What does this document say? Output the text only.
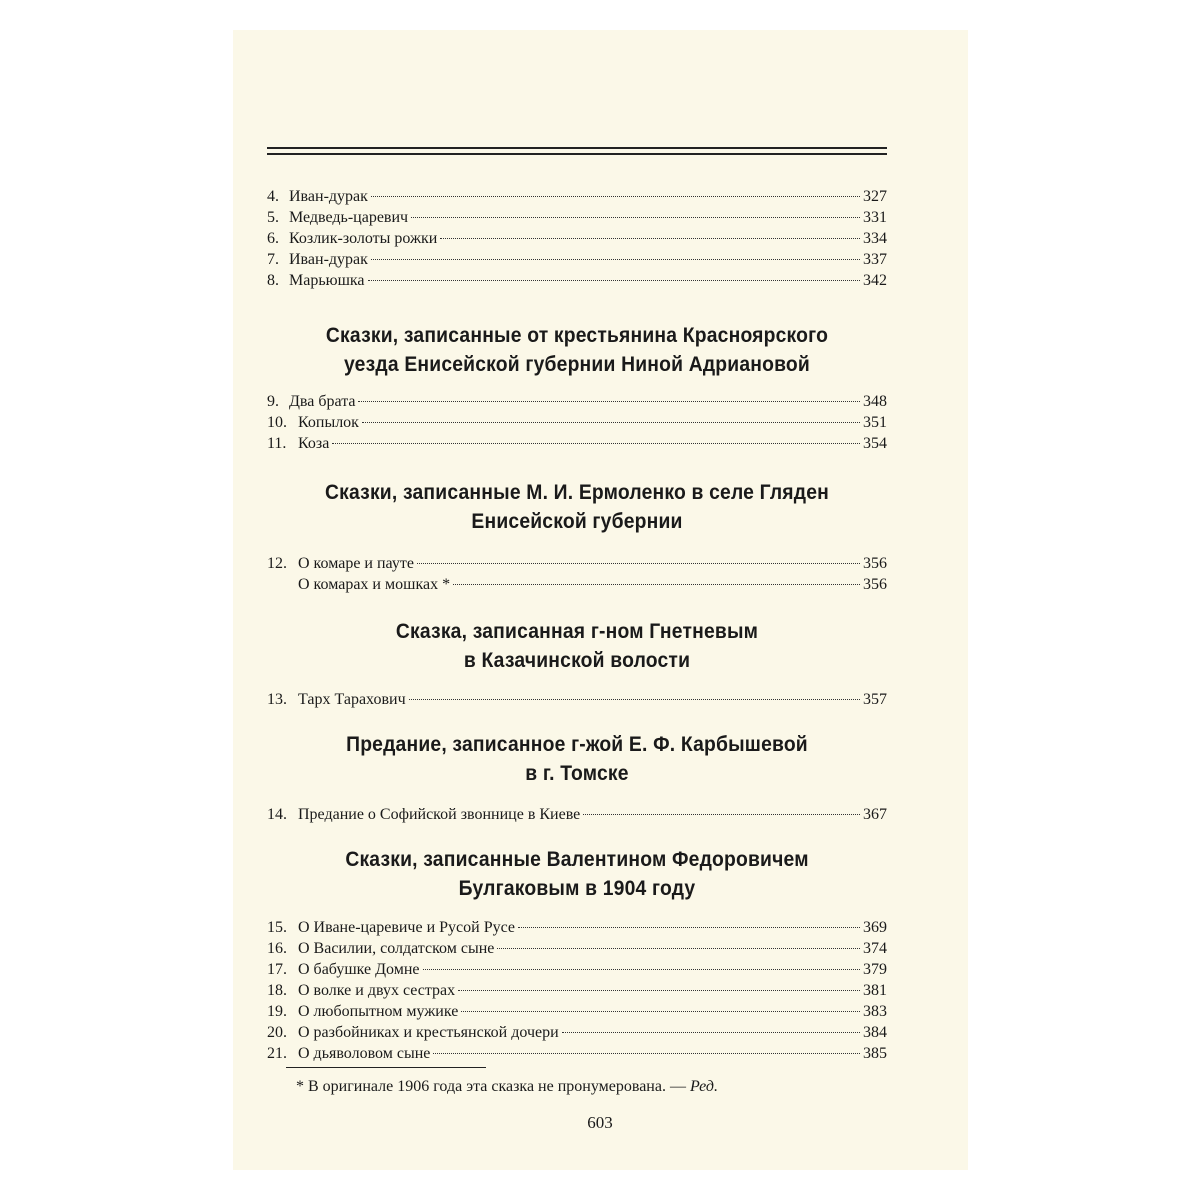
4. Иван-дурак	327
5. Медведь-царевич	331
6. Козлик-золоты рожки	334
7. Иван-дурак	337
8. Марьюшка	342
Сказки, записанные от крестьянина Красноярского
уезда Енисейской губернии Ниной Адриановой
9. Два брата	348
10. Копылок	351
11. Коза	354
Сказки, записанные М. И. Ермоленко в селе Гляден
Енисейской губернии
12. О комаре и пауте	356
О комарах и мошках *	356
Сказка, записанная г-ном Гнетневым
в Казачинской волости
13. Тарх Тарахович	357
Предание, записанное г-жой Е. Ф. Карбышевой
в г. Томске
14. Предание о Софийской звоннице в Киеве	367
Сказки, записанные Валентином Федоровичем
Булгаковым в 1904 году
15. О Иване-царевиче и Русой Русе	369
16. О Василии, солдатском сыне	374
17. О бабушке Домне	379
18. О волке и двух сестрах	381
19. О любопытном мужике	383
20. О разбойниках и крестьянской дочери	384
21. О дьяволовом сыне	385
* В оригинале 1906 года эта сказка не пронумерована. — Ред.
603
